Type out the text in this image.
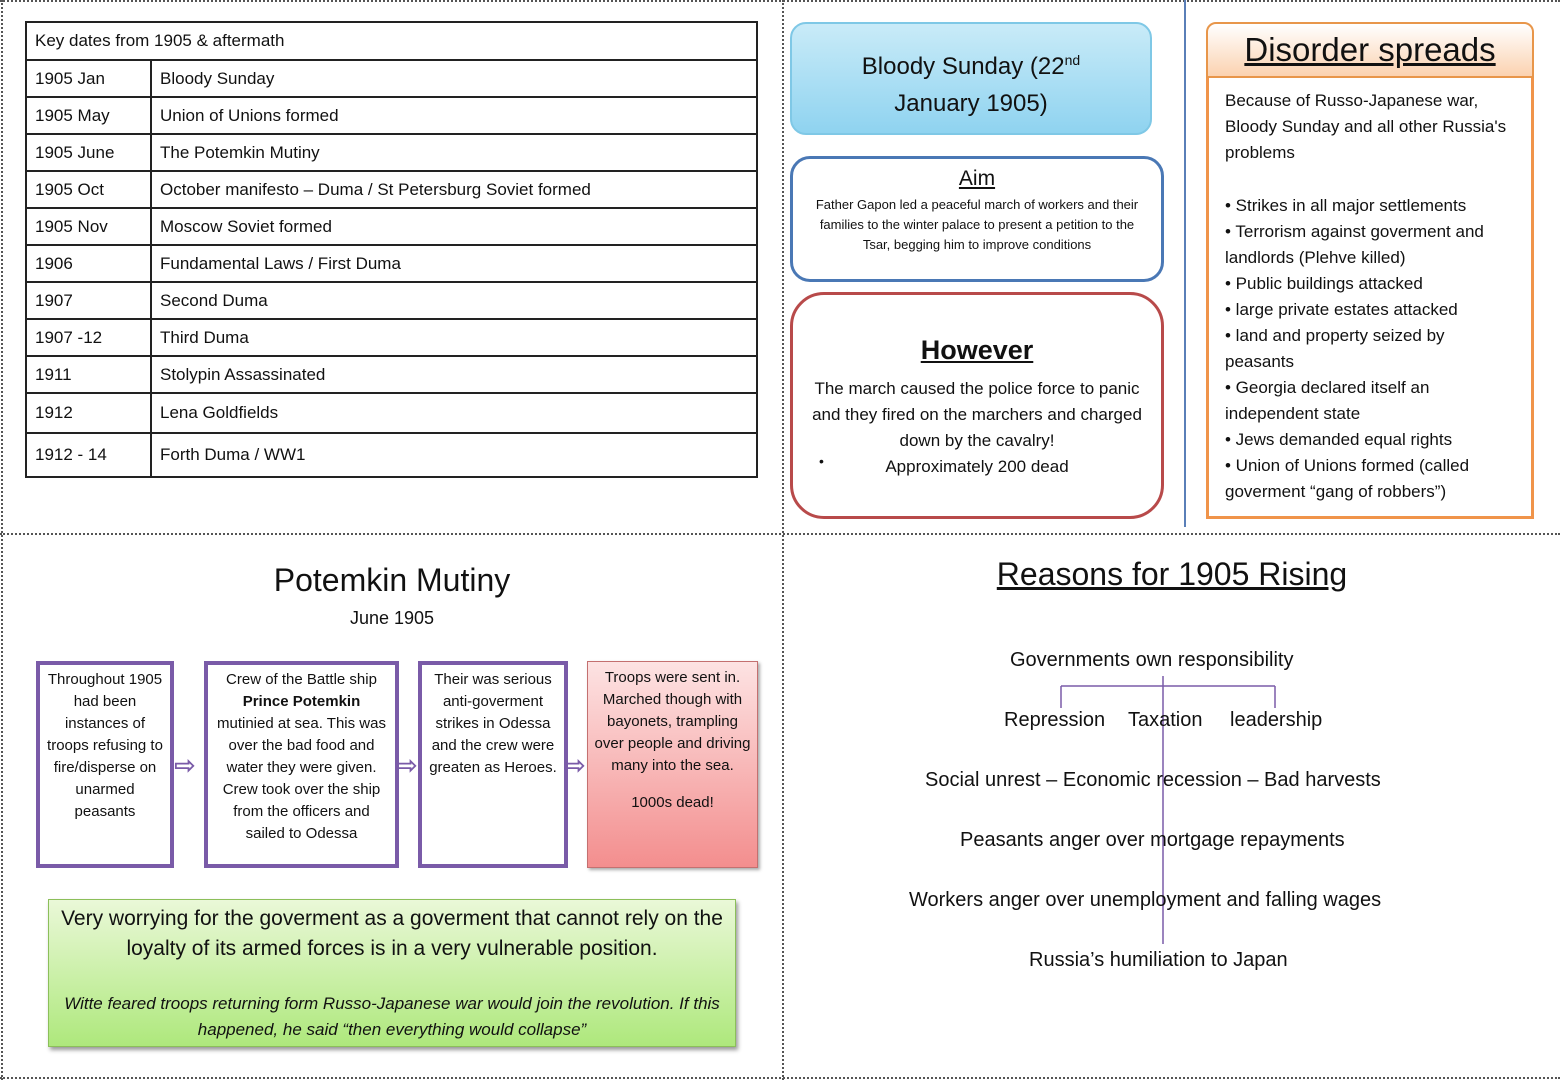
Key dates from 1905 & aftermath	
1905 Jan	Bloody Sunday
1905 May	Union of Unions formed
1905 June	The Potemkin Mutiny
1905 Oct	October manifesto – Duma / St Petersburg Soviet formed
1905 Nov	Moscow Soviet formed
1906	Fundamental Laws / First Duma
1907	Second Duma
1907 -12	Third Duma
1911	Stolypin Assassinated
1912	Lena Goldfields
1912 - 14	Forth Duma / WW1
Bloody Sunday (22nd
January 1905)
Aim
Father Gapon led a peaceful march of workers and their families to the winter palace to present a petition to the Tsar, begging him to improve conditions
However
The march caused the police force to panic and they fired on the marchers and charged down by the cavalry!
•	Approximately 200 dead
Disorder spreads

Because of Russo-Japanese war, Bloody Sunday and all other Russia's problems

• Strikes in all major settlements

• Terrorism against goverment and landlords (Plehve killed)

• Public buildings attacked

• large private estates attacked

• land and property seized by peasants

• Georgia declared itself an independent state

• Jews demanded equal rights

• Union of Unions formed (called goverment “gang of robbers”)

Potemkin Mutiny
June 1905
Throughout 1905 had been instances of troops refusing to fire/disperse on unarmed peasants
⇨
Crew of the Battle ship Prince Potemkin mutinied at sea. This was over the bad food and water they were given. Crew took over the ship from the officers and sailed to Odessa
⇨
Their was serious anti-goverment strikes in Odessa and the crew were greaten as Heroes. ⇨
Troops were sent in. Marched though with bayonets, trampling over people and driving many into the sea.
1000s dead!
Very worrying for the goverment as a goverment that cannot rely on the loyalty of its armed forces is in a very vulnerable position.
Witte feared troops returning form Russo-Japanese war would join the revolution. If this happened, he said “then everything would collapse”
Reasons for 1905 Rising
Governments own responsibility
Repression Taxation leadership
Social unrest – Economic recession – Bad harvests
Peasants anger over mortgage repayments
Workers anger over unemployment and falling wages
Russia’s humiliation to Japan
